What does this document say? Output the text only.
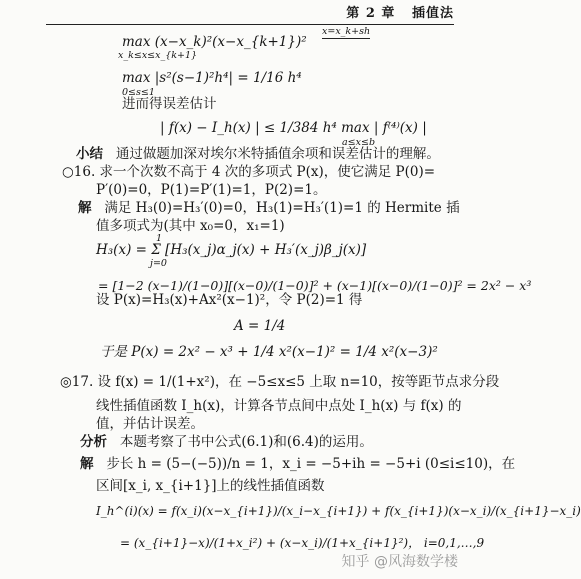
第 2 章 插值法
max (x−x_k)²(x−x_{k+1})²
x=x_k+sh
x_k≤x≤x_{k+1}
max |s²(s−1)²h⁴| = 1/16 h⁴
0≤s≤1
进而得误差估计
| f(x) − I_h(x) | ≤ 1/384 h⁴ max | f⁽⁴⁾(x) |
a≤x≤b
小结 通过做题加深对埃尔米特插值余项和误差估计的理解。
○16. 求一个次数不高于 4 次的多项式 P(x)，使它满足 P(0)=
P′(0)=0，P(1)=P′(1)=1，P(2)=1。
解 满足 H₃(0)=H₃′(0)=0，H₃(1)=H₃′(1)=1 的 Hermite 插
值多项式为(其中 x₀=0，x₁=1)
H₃(x) = Σ [H₃(x_j)α_j(x) + H₃′(x_j)β_j(x)]
1
j=0
= [1−2 (x−1)/(1−0)][(x−0)/(1−0)]² + (x−1)[(x−0)/(1−0)]² = 2x² − x³
设 P(x)=H₃(x)+Ax²(x−1)²，令 P(2)=1 得
A = 1/4
于是 P(x) = 2x² − x³ + 1/4 x²(x−1)² = 1/4 x²(x−3)²
◎17. 设 f(x) = 1/(1+x²)，在 −5≤x≤5 上取 n=10，按等距节点求分段
线性插值函数 I_h(x)，计算各节点间中点处 I_h(x) 与 f(x) 的
值，并估计误差。
分析 本题考察了书中公式(6.1)和(6.4)的运用。
解 步长 h = (5−(−5))/n = 1，x_i = −5+ih = −5+i (0≤i≤10)，在
区间[x_i, x_{i+1}]上的线性插值函数
I_h^(i)(x) = f(x_i)(x−x_{i+1})/(x_i−x_{i+1}) + f(x_{i+1})(x−x_i)/(x_{i+1}−x_i)
= (x_{i+1}−x)/(1+x_i²) + (x−x_i)/(1+x_{i+1}²)， i=0,1,…,9
知乎 @风海数学楼
